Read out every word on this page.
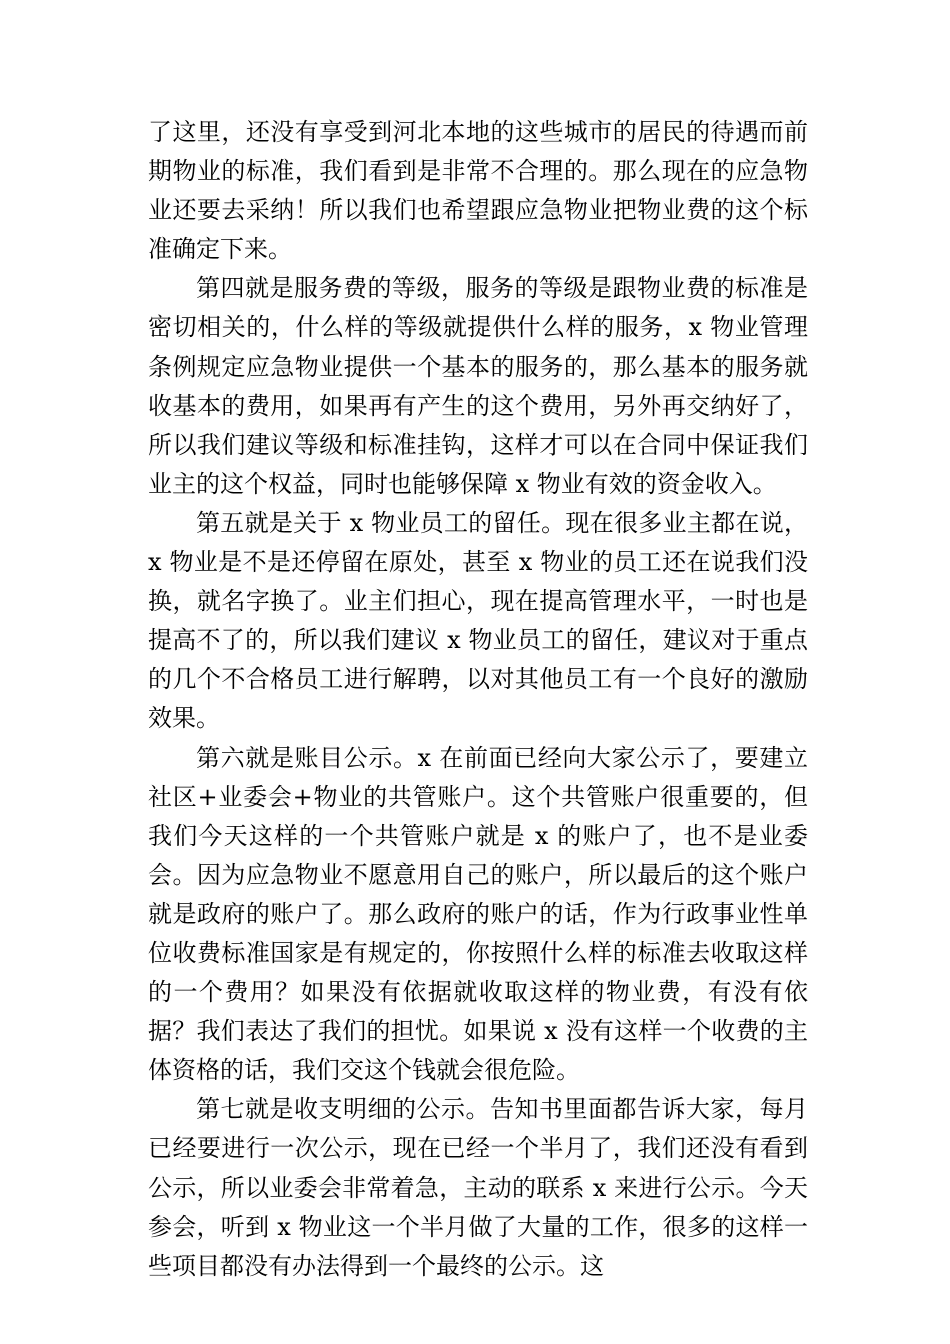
了这里，还没有享受到河北本地的这些城市的居民的待遇而前期物业的标准，我们看到是非常不合理的。那么现在的应急物业还要去采纳！所以我们也希望跟应急物业把物业费的这个标准确定下来。

第四就是服务费的等级，服务的等级是跟物业费的标准是密切相关的，什么样的等级就提供什么样的服务，x 物业管理条例规定应急物业提供一个基本的服务的，那么基本的服务就收基本的费用，如果再有产生的这个费用，另外再交纳好了，所以我们建议等级和标准挂钩，这样才可以在合同中保证我们业主的这个权益，同时也能够保障 x 物业有效的资金收入。

第五就是关于 x 物业员工的留任。现在很多业主都在说，x 物业是不是还停留在原处，甚至 x 物业的员工还在说我们没换，就名字换了。业主们担心，现在提高管理水平，一时也是提高不了的，所以我们建议 x 物业员工的留任，建议对于重点的几个不合格员工进行解聘，以对其他员工有一个良好的激励效果。

第六就是账目公示。x 在前面已经向大家公示了，要建立社区+业委会+物业的共管账户。这个共管账户很重要的，但我们今天这样的一个共管账户就是 x 的账户了，也不是业委会。因为应急物业不愿意用自己的账户，所以最后的这个账户就是政府的账户了。那么政府的账户的话，作为行政事业性单位收费标准国家是有规定的，你按照什么样的标准去收取这样的一个费用？如果没有依据就收取这样的物业费，有没有依据？我们表达了我们的担忧。如果说 x 没有这样一个收费的主体资格的话，我们交这个钱就会很危险。

第七就是收支明细的公示。告知书里面都告诉大家，每月已经要进行一次公示，现在已经一个半月了，我们还没有看到公示，所以业委会非常着急，主动的联系 x 来进行公示。今天参会，听到 x 物业这一个半月做了大量的工作，很多的这样一些项目都没有办法得到一个最终的公示。这
